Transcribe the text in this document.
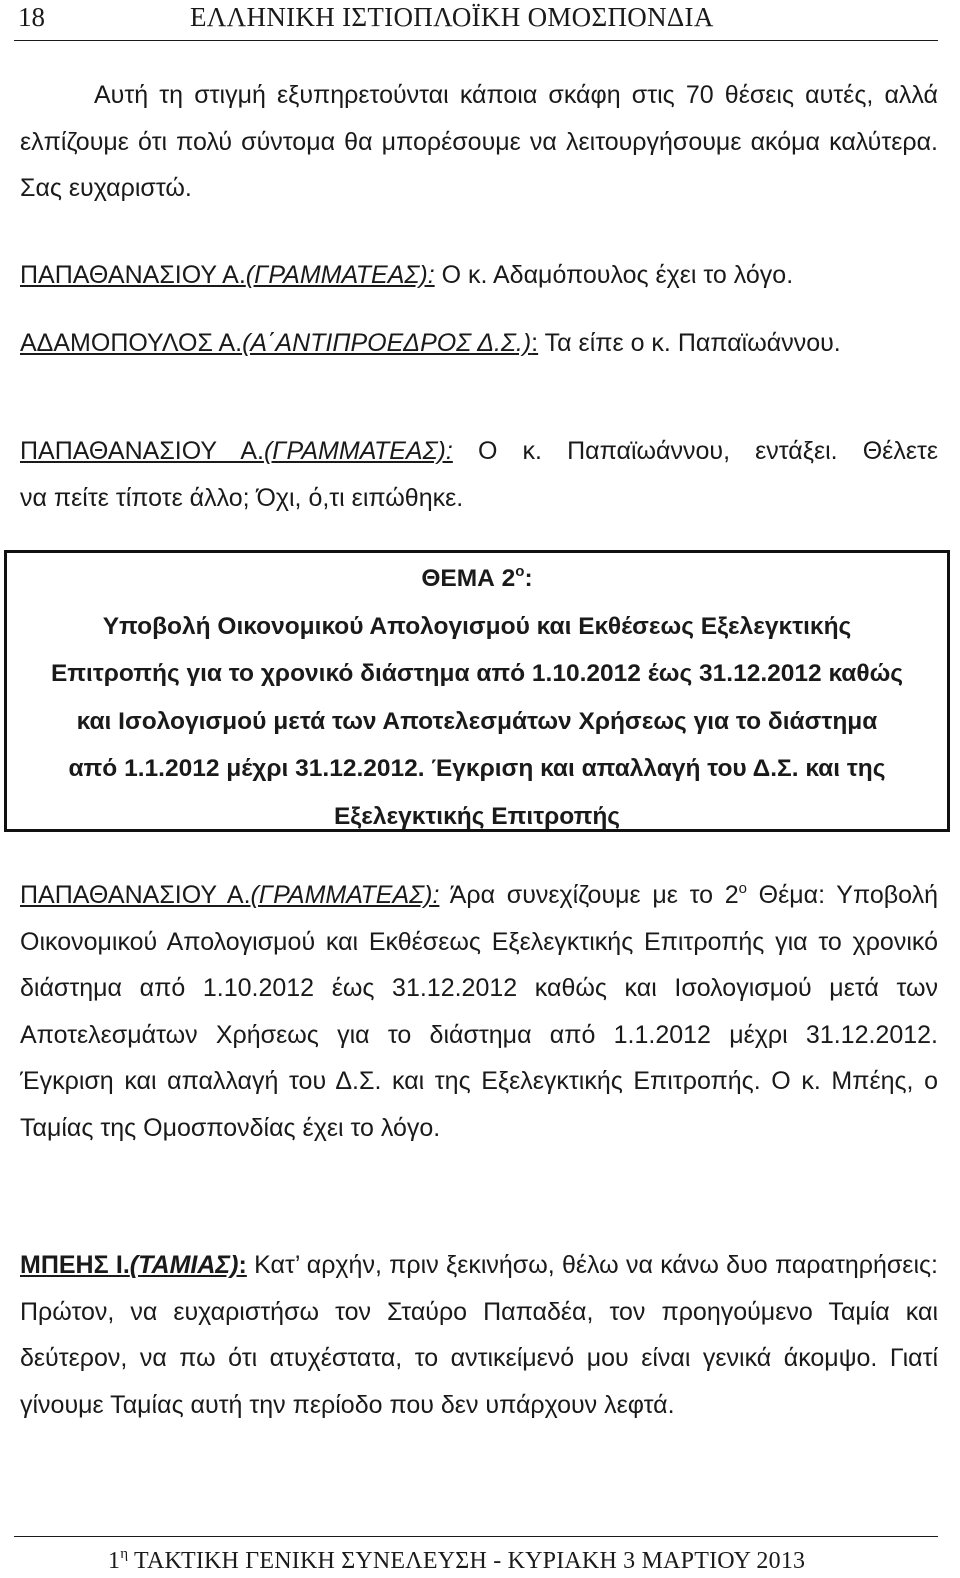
18	ΕΛΛΗΝΙΚΗ ΙΣΤΙΟΠΛΟΪΚΗ ΟΜΟΣΠΟΝΔΙΑ

Αυτή τη στιγμή εξυπηρετούνται κάποια σκάφη στις 70 θέσεις αυτές, αλλά ελπίζουμε ότι πολύ σύντομα θα μπορέσουμε να λειτουργήσουμε ακόμα καλύτερα. Σας ευχαριστώ.

ΠΑΠΑΘΑΝΑΣΙΟΥ Α.(ΓΡΑΜΜΑΤΕΑΣ): Ο κ. Αδαμόπουλος έχει το λόγο.

ΑΔΑΜΟΠΟΥΛΟΣ Α.(Α΄ΑΝΤΙΠΡΟΕΔΡΟΣ Δ.Σ.): Τα είπε ο κ. Παπαϊωάννου.

ΠΑΠΑΘΑΝΑΣΙΟΥ Α.(ΓΡΑΜΜΑΤΕΑΣ): Ο κ. Παπαϊωάννου, εντάξει. Θέλετε
να πείτε τίποτε άλλο; Όχι, ό,τι ειπώθηκε.
ΘΕΜΑ $2^o$:
Υποβολή Οικονομικού Απολογισμού και Εκθέσεως Εξελεγκτικής
Επιτροπής για το χρονικό διάστημα από 1.10.2012 έως 31.12.2012 καθώς
και Ισολογισμού μετά των Αποτελεσμάτων Χρήσεως για το διάστημα
από 1.1.2012 μέχρι 31.12.2012. Έγκριση και απαλλαγή του Δ.Σ. και της
Εξελεγκτικής Επιτροπής

ΠΑΠΑΘΑΝΑΣΙΟΥ Α.(ΓΡΑΜΜΑΤΕΑΣ): Άρα συνεχίζουμε με το $2^o$ Θέμα: Υποβολή Οικονομικού Απολογισμού και Εκθέσεως Εξελεγκτικής Επιτροπής για το χρονικό διάστημα από 1.10.2012 έως 31.12.2012 καθώς και Ισολογισμού μετά των Αποτελεσμάτων Χρήσεως για το διάστημα από 1.1.2012 μέχρι 31.12.2012. Έγκριση και απαλλαγή του Δ.Σ. και της Εξελεγκτικής Επιτροπής. Ο κ. Μπέης, ο Ταμίας της Ομοσπονδίας έχει το λόγο.

ΜΠΕΗΣ Ι.(ΤΑΜΙΑΣ): Κατ’ αρχήν, πριν ξεκινήσω, θέλω να κάνω δυο παρατηρήσεις: Πρώτον, να ευχαριστήσω τον Σταύρο Παπαδέα, τον προηγούμενο Ταμία και δεύτερον, να πω ότι ατυχέστατα, το αντικείμενό μου είναι γενικά άκομψο. Γιατί γίνουμε Ταμίας αυτή την περίοδο που δεν υπάρχουν λεφτά.

$1^\eta$ ΤΑΚΤΙΚΗ ΓΕΝΙΚΗ ΣΥΝΕΛΕΥΣΗ - ΚΥΡΙΑΚΗ 3 ΜΑΡΤΙΟΥ 2013
